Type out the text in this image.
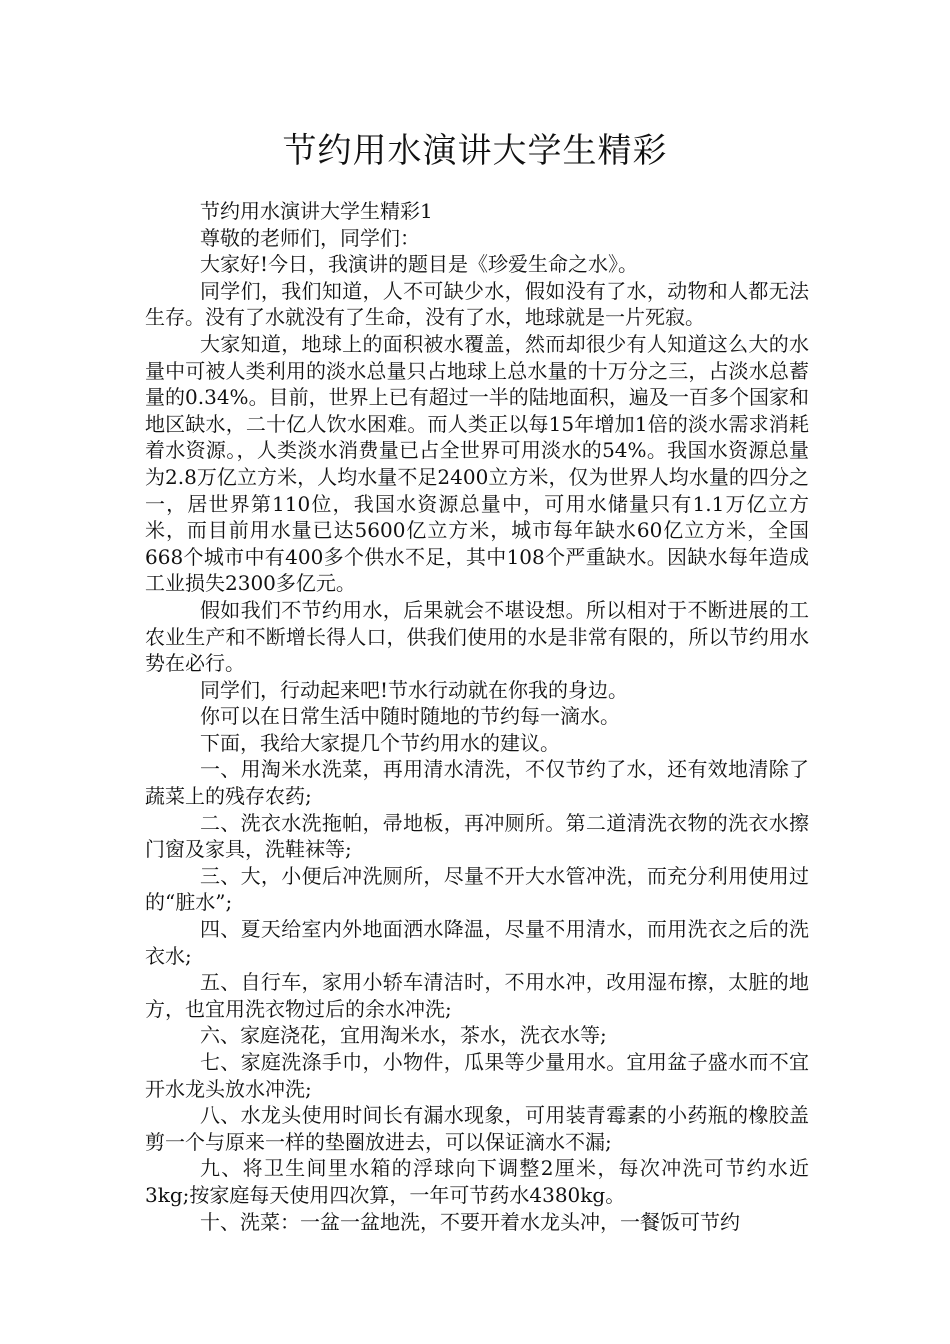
节约用水演讲大学生精彩

节约用水演讲大学生精彩1

尊敬的老师们，同学们：

大家好!今日，我演讲的题目是《珍爱生命之水》。

同学们，我们知道，人不可缺少水，假如没有了水，动物和人都无法生存。没有了水就没有了生命，没有了水，地球就是一片死寂。

大家知道，地球上的面积被水覆盖，然而却很少有人知道这么大的水量中可被人类利用的淡水总量只占地球上总水量的十万分之三，占淡水总蓄量的0.34%。目前，世界上已有超过一半的陆地面积，遍及一百多个国家和地区缺水，二十亿人饮水困难。而人类正以每15年增加1倍的淡水需求消耗着水资源。，人类淡水消费量已占全世界可用淡水的54%。我国水资源总量为2.8万亿立方米，人均水量不足2400立方米，仅为世界人均水量的四分之一，居世界第110位，我国水资源总量中，可用水储量只有1.1万亿立方米，而目前用水量已达5600亿立方米，城市每年缺水60亿立方米，全国668个城市中有400多个供水不足，其中108个严重缺水。因缺水每年造成工业损失2300多亿元。

假如我们不节约用水，后果就会不堪设想。所以相对于不断进展的工农业生产和不断增长得人口，供我们使用的水是非常有限的，所以节约用水势在必行。

同学们，行动起来吧!节水行动就在你我的身边。

你可以在日常生活中随时随地的节约每一滴水。

下面，我给大家提几个节约用水的建议。

一、用淘米水洗菜，再用清水清洗，不仅节约了水，还有效地清除了蔬菜上的残存农药;

二、洗衣水洗拖帕，帚地板，再冲厕所。第二道清洗衣物的洗衣水擦门窗及家具，洗鞋袜等;

三、大，小便后冲洗厕所，尽量不开大水管冲洗，而充分利用使用过的“脏水”;

四、夏天给室内外地面洒水降温，尽量不用清水，而用洗衣之后的洗衣水;

五、自行车，家用小轿车清洁时，不用水冲，改用湿布擦，太脏的地方，也宜用洗衣物过后的余水冲洗;

六、家庭浇花，宜用淘米水，茶水，洗衣水等;

七、家庭洗涤手巾，小物件，瓜果等少量用水。宜用盆子盛水而不宜开水龙头放水冲洗;

八、水龙头使用时间长有漏水现象，可用装青霉素的小药瓶的橡胶盖剪一个与原来一样的垫圈放进去，可以保证滴水不漏;

九、将卫生间里水箱的浮球向下调整2厘米，每次冲洗可节约水近3kg;按家庭每天使用四次算，一年可节药水4380kg。

十、洗菜：一盆一盆地洗，不要开着水龙头冲，一餐饭可节约
